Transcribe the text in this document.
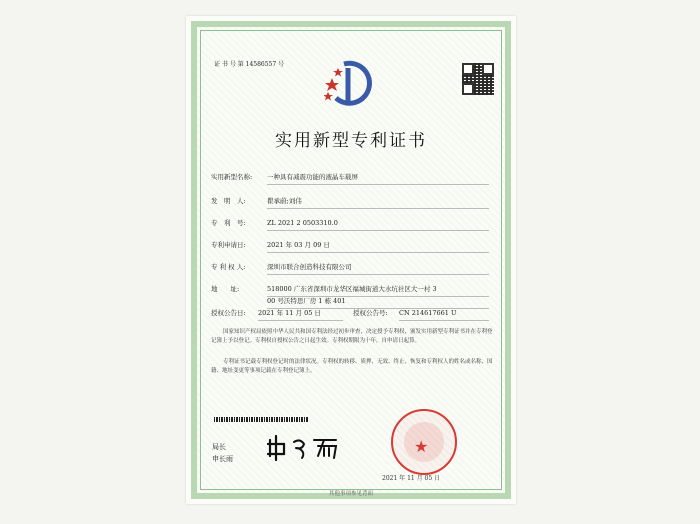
证 书 号 第 14586557 号
实用新型专利证书
实用新型名称: 一种具有减震功能的液晶车载屏
发　明　人:	瞿承蔚;刘伟
专　利　号:	ZL 2021 2 0503310.0
专利申请日:	2021 年 03 月 09 日
专 利 权 人:	深圳市联合创造科技有限公司
地　　址:	518000 广东省深圳市龙华区福城街道大水坑社区大一村 3
00 号沃特思厂房 1 栋 401
授权公告日: 2021 年 11 月 05 日	授权公告号: CN 214617661 U
国家知识产权局依照中华人民共和国专利法经过初步审查，决定授予专利权，颁发实用新型专利证书并在专利登记簿上予以登记。专利权自授权公告之日起生效。专利权期限为十年，自申请日起算。
专利证书记载专利权登记时的法律状况。专利权的转移、质押、无效、终止、恢复和专利权人的姓名或名称、国籍、地址变更等事项记载在专利登记簿上。
局长
申长雨
★
2021 年 11 月 05 日
其他事项参见背面
